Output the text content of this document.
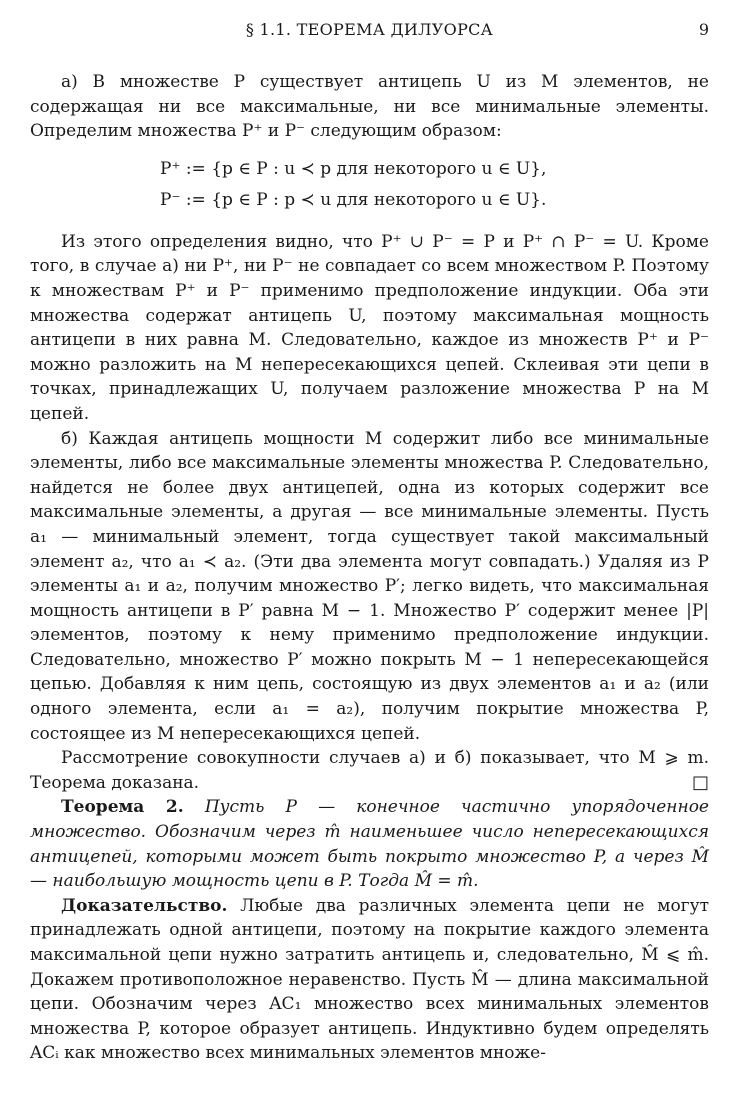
§ 1.1. ТЕОРЕМА ДИЛУОРСА	9

а) В множестве P существует антицепь U из M элементов, не содержащая ни все максимальные, ни все минимальные элементы. Определим множества P⁺ и P⁻ следующим образом:

P⁺ := {p ∈ P : u ≺ p для некоторого u ∈ U},
P⁻ := {p ∈ P : p ≺ u для некоторого u ∈ U}.

Из этого определения видно, что P⁺ ∪ P⁻ = P и P⁺ ∩ P⁻ = U. Кроме того, в случае а) ни P⁺, ни P⁻ не совпадает со всем множеством P. Поэтому к множествам P⁺ и P⁻ применимо предположение индукции. Оба эти множества содержат антицепь U, поэтому максимальная мощность антицепи в них равна M. Следовательно, каждое из множеств P⁺ и P⁻ можно разложить на M непересекающихся цепей. Склеивая эти цепи в точках, принадлежащих U, получаем разложение множества P на M цепей.

б) Каждая антицепь мощности M содержит либо все минимальные элементы, либо все максимальные элементы множества P. Следовательно, найдется не более двух антицепей, одна из которых содержит все максимальные элементы, а другая — все минимальные элементы. Пусть a₁ — минимальный элемент, тогда существует такой максимальный элемент a₂, что a₁ ≺ a₂. (Эти два элемента могут совпадать.) Удаляя из P элементы a₁ и a₂, получим множество P′; легко видеть, что максимальная мощность антицепи в P′ равна M − 1. Множество P′ содержит менее |P| элементов, поэтому к нему применимо предположение индукции. Следовательно, множество P′ можно покрыть M − 1 непересекающейся цепью. Добавляя к ним цепь, состоящую из двух элементов a₁ и a₂ (или одного элемента, если a₁ = a₂), получим покрытие множества P, состоящее из M непересекающихся цепей.

Рассмотрение совокупности случаев а) и б) показывает, что M ⩾ m. Теорема доказана.	□

Теорема 2. Пусть P — конечное частично упорядоченное множество. Обозначим через m̂ наименьшее число непересекающихся антицепей, которыми может быть покрыто множество P, а через M̂ — наибольшую мощность цепи в P. Тогда M̂ = m̂.

Доказательство. Любые два различных элемента цепи не могут принадлежать одной антицепи, поэтому на покрытие каждого элемента максимальной цепи нужно затратить антицепь и, следовательно, M̂ ⩽ m̂. Докажем противоположное неравенство. Пусть M̂ — длина максимальной цепи. Обозначим через AC₁ множество всех минимальных элементов множества P, которое образует антицепь. Индуктивно будем определять ACᵢ как множество всех минимальных элементов множе-
